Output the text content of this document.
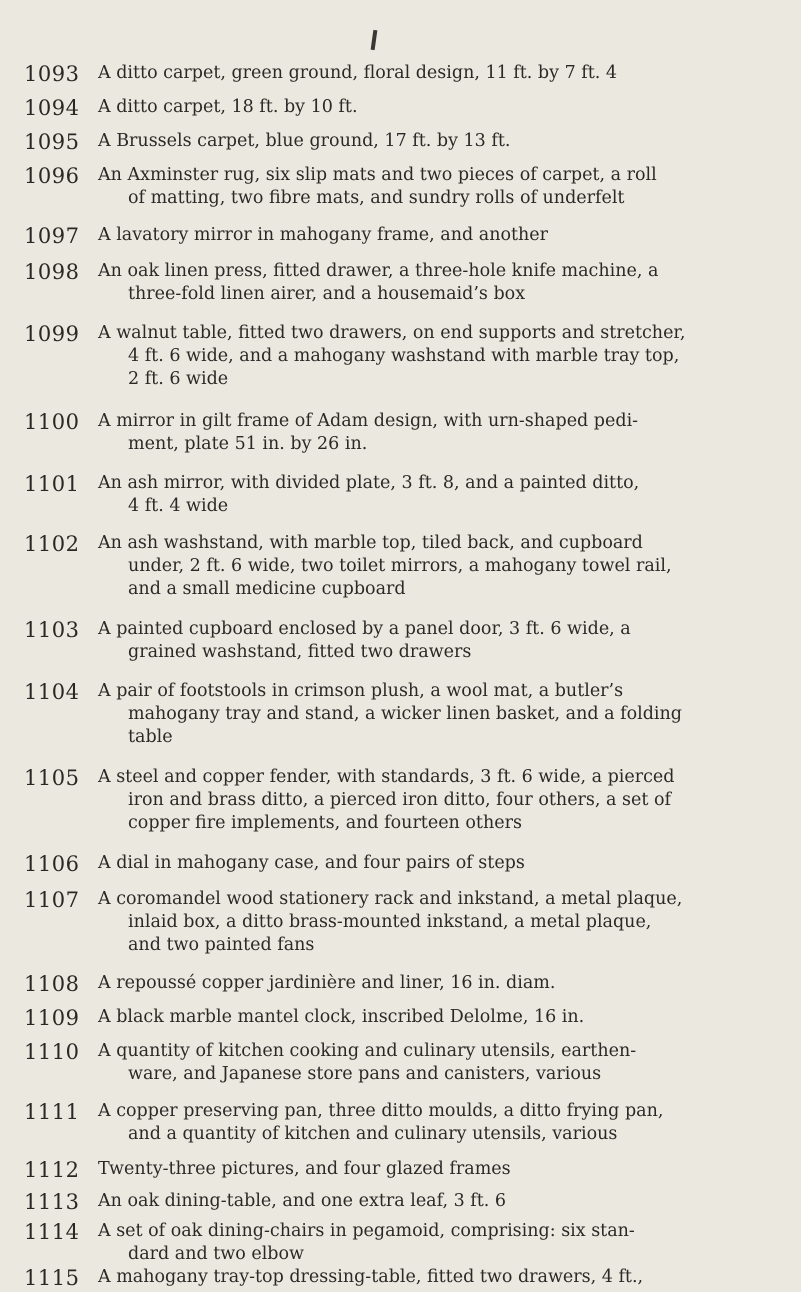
1093 A ditto carpet, green ground, floral design, 11 ft. by 7 ft. 4
1094 A ditto carpet, 18 ft. by 10 ft.
1095 A Brussels carpet, blue ground, 17 ft. by 13 ft.
1096 An Axminster rug, six slip mats and two pieces of carpet, a roll
of matting, two fibre mats, and sundry rolls of underfelt
1097 A lavatory mirror in mahogany frame, and another
1098 An oak linen press, fitted drawer, a three-hole knife machine, a
three-fold linen airer, and a housemaid’s box
1099 A walnut table, fitted two drawers, on end supports and stretcher,
4 ft. 6 wide, and a mahogany washstand with marble tray top,
2 ft. 6 wide
1100 A mirror in gilt frame of Adam design, with urn-shaped pedi-
ment, plate 51 in. by 26 in.
1101 An ash mirror, with divided plate, 3 ft. 8, and a painted ditto,
4 ft. 4 wide
1102 An ash washstand, with marble top, tiled back, and cupboard
under, 2 ft. 6 wide, two toilet mirrors, a mahogany towel rail,
and a small medicine cupboard
1103 A painted cupboard enclosed by a panel door, 3 ft. 6 wide, a
grained washstand, fitted two drawers
1104 A pair of footstools in crimson plush, a wool mat, a butler’s
mahogany tray and stand, a wicker linen basket, and a folding
table
1105 A steel and copper fender, with standards, 3 ft. 6 wide, a pierced
iron and brass ditto, a pierced iron ditto, four others, a set of
copper fire implements, and fourteen others
1106 A dial in mahogany case, and four pairs of steps
1107 A coromandel wood stationery rack and inkstand, a metal plaque,
inlaid box, a ditto brass-mounted inkstand, a metal plaque,
and two painted fans
1108 A repoussé copper jardinière and liner, 16 in. diam.
1109 A black marble mantel clock, inscribed Delolme, 16 in.
1110 A quantity of kitchen cooking and culinary utensils, earthen-
ware, and Japanese store pans and canisters, various
1111 A copper preserving pan, three ditto moulds, a ditto frying pan,
and a quantity of kitchen and culinary utensils, various
1112 Twenty-three pictures, and four glazed frames
1113 An oak dining-table, and one extra leaf, 3 ft. 6
1114 A set of oak dining-chairs in pegamoid, comprising: six stan-
dard and two elbow
1115 A mahogany tray-top dressing-table, fitted two drawers, 4 ft.,
